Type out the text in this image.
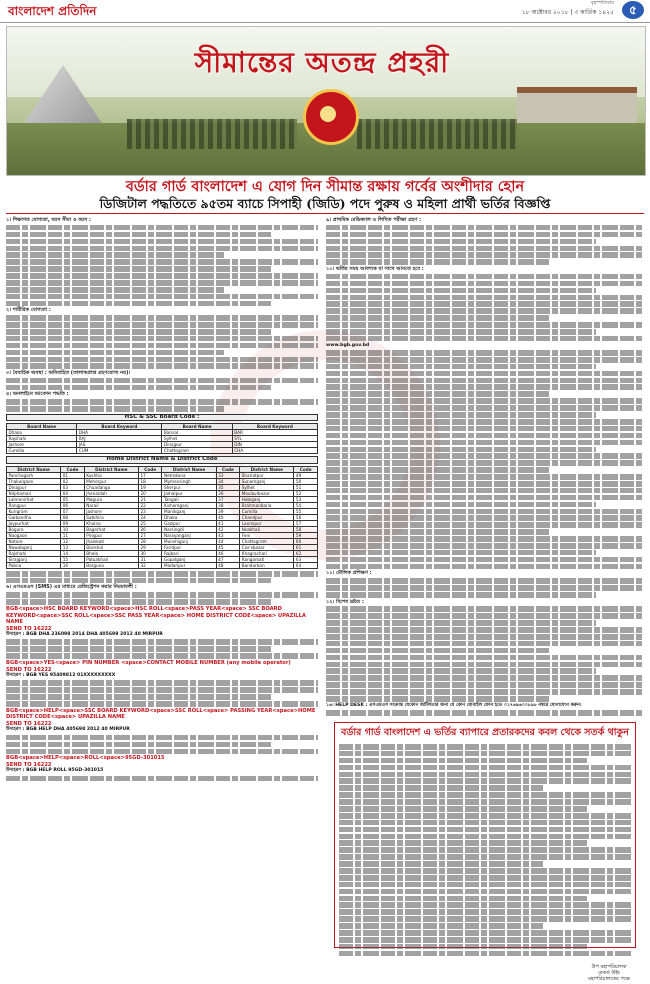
বাংলাদেশ প্রতিদিন
বৃহস্পতিবার
১৮ অক্টোবর ২০১৮ | ৩ কার্তিক ১৪২৫	৫
সীমান্তের অতন্দ্র প্রহরী
বর্ডার গার্ড বাংলাদেশ এ যোগ দিন সীমান্ত রক্ষায় গর্বের অংশীদার হোন
ডিজিটাল পদ্ধতিতে ৯৫তম ব্যাচে সিপাহী (জিডি) পদে পুরুষ ও মহিলা প্রার্থী ভর্তির বিজ্ঞপ্তি
১। শিক্ষাগত যোগ্যতা, বয়স সীমা ও বয়স :
২। শারীরিক যোগ্যতা :
৩। বৈবাহিক অবস্থা : অবিবাহিত (তালাকপ্রাপ্ত গ্রহণযোগ্য নয়)।
৪। অনলাইনে আবেদন পদ্ধতি :
HSC & SSC Board Code :
Board Name	Board Keyword	Board Name	Board Keyword
Dhaka	DHA	Barisal	BAR
Rajshahi	RAJ	Sylhet	SYL
Jashore	JAS	Dinajpur	DIN
Cumilla	CUM	Chattogram	CHA
Home District Name & District Code
District Name	Code	District Name	Code	District Name	Code	District Name	Code
Panchagarh	01	Kushtia	17	Netrokona	33	Shariatpur	49
Thakurgaon	02	Meherpur	18	Mymensingh	34	Sunamganj	50
Dinajpur	03	Chuadanga	19	Sherpur	35	Sylhet	51
Nilphamari	04	Jhenaidah	20	Jamalpur	36	Moulavibazar	52
Lalmonirhat	05	Magura	21	Tangail	37	Hobiganj	53
Rangpur	06	Narail	22	Kishoreganj	38	Brahmanbaria	54
Kurigram	07	Jashore	23	Manikganj	39	Cumilla	55
Gaibandha	08	Satkhira	24	Dhaka	40	Chandpur	56
Joypurhat	09	Khulna	25	Gazipur	41	Laxmipur	57
Bogura	10	Bagerhat	26	Narsingdi	42	Noakhali	58
Naogaon	11	Pirojpur	27	Narayanganj	43	Feni	59
Natore	12	Jhalokati	28	Munshiganj	44	Chattogram	60
Nawabganj	13	Barishal	29	Faridpur	45	Cox'sbazar	61
Rajshahi	14	Bhola	30	Rajbari	46	Khagrachari	62
Sirajganj	15	Patuakhali	31	Gopalganj	47	Rangamati	63
Pabna	16	Barguna	32	Madaripur	48	Bandarban	64
৬। এসএমএস (SMS) এর মাধ্যমে রেজিস্ট্রেশন করার নিয়মাবলী :
BGB<space>HSC BOARD KEYWORD<space>HSC ROLL<space>PASS YEAR<space> SSC BOARD KEYWORD<space>SSC ROLL<space>SSC PASS YEAR<space> HOME DISTRICT CODE<space> UPAZILLA NAME
SEND TO 16222
উদাহরণ : BGB DHA 236098 2014 DHA 405698 2012 40 MIRPUR
BGB<space>YES<space> PIN NUMBER <space>CONTACT MOBILE NUMBER (any mobile operator)
SEND TO 16222
উদাহরণ : BGB YES 95409812 01XXXXXXXXX
BGB<space>HELP<space>SSC BOARD KEYWORD<space>SSC ROLL<space> PASSING YEAR<space>HOME DISTRICT CODE<space> UPAZILLA NAME
SEND TO 16222
উদাহরণ : BGB HELP DHA 405698 2012 40 MIRPUR
BGB<space>HELP<space>ROLL<space>95GD-301015
SEND TO 16222
উদাহরণ : BGB HELP ROLL 95GD-301015
৯। প্রাথমিক মেডিক্যাল ও লিখিত পরীক্ষা গ্রহণ :
১০। ভর্তির সময় আবশ্যক যা সাথে আনতে হবে :
www.bgb.gov.bd
১১। মৌলিক প্রশিক্ষণ :
১২। বিশেষ দ্রষ্টব্য :
১৬। HELP DESK : এসএমএস সংক্রান্ত যেকোন জটিলতার জন্য যে কোন মোবাইল ফোন হতে ০১৭৬৯৬০০৮৯৮ নম্বরে যোগাযোগ করুন।
বর্ডার গার্ড বাংলাদেশ এ ভর্তির ব্যাপারে প্রতারকদের কবল থেকে সতর্ক থাকুন
উপ মহাপরিচালক
রেকর্ড উইং
মহাপরিচালকের পক্ষে
